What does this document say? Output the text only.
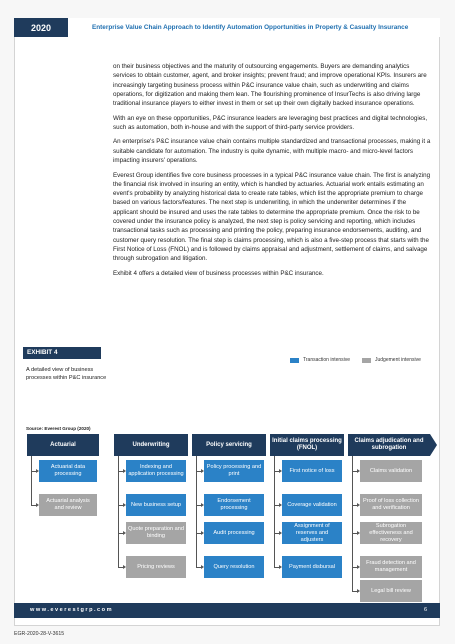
2020	Enterprise Value Chain Approach to Identify Automation Opportunities in Property & Casualty Insurance

on their business objectives and the maturity of outsourcing engagements. Buyers are demanding analytics services to obtain customer, agent, and broker insights; prevent fraud; and improve operational KPIs. Insurers are increasingly targeting business process within P&C insurance value chain, such as underwriting and claims operations, for digitization and making them lean. The flourishing prominence of InsurTechs is also driving large traditional insurance players to either invest in them or set up their own digitally backed insurance operations.

With an eye on these opportunities, P&C insurance leaders are leveraging best practices and digital technologies, such as automation, both in-house and with the support of third-party service providers.

An enterprise's P&C insurance value chain contains multiple standardized and transactional processes, making it a suitable candidate for automation. The industry is quite dynamic, with multiple macro- and micro-level factors impacting insurers' operations.

Everest Group identifies five core business processes in a typical P&C insurance value chain. The first is analyzing the financial risk involved in insuring an entity, which is handled by actuaries. Actuarial work entails estimating an event's probability by analyzing historical data to create rate tables, which list the appropriate premium to charge based on various factors/features. The next step is underwriting, in which the underwriter determines if the applicant should be insured and uses the rate tables to determine the appropriate premium. Once the risk to be covered under the insurance policy is analyzed, the next step is policy servicing and reporting, which includes transactional tasks such as processing and printing the policy, preparing insurance endorsements, auditing, and customer query resolution. The final step is claims processing, which is also a five-step process that starts with the First Notice of Loss (FNOL) and is followed by claims appraisal and adjustment, settlement of claims, and salvage through subrogation and litigation.

Exhibit 4 offers a detailed view of business processes within P&C insurance.

EXHIBIT 4
A detailed view of business processes within P&C insurance
Source: Everest Group (2020)
Transaction intensive	Judgement intensive
Actuarial
Actuarial data processing
Actuarial analysis and review
Underwriting
Indexing and application processing
New business setup
Quote preparation and binding
Pricing reviews
Policy servicing
Policy processing and print
Endorsement processing
Audit processing
Query resolution
Initial claims processing (FNOL)
First notice of loss
Coverage validation
Assignment of reserves and adjusters
Payment disbursal
Claims adjudication and subrogation
Claims validation
Proof of loss collection and verification
Subrogation effectiveness and recovery
Fraud detection and management
Legal bill review
www.everestgrp.com	6
EGR-2020-28-V-3615
